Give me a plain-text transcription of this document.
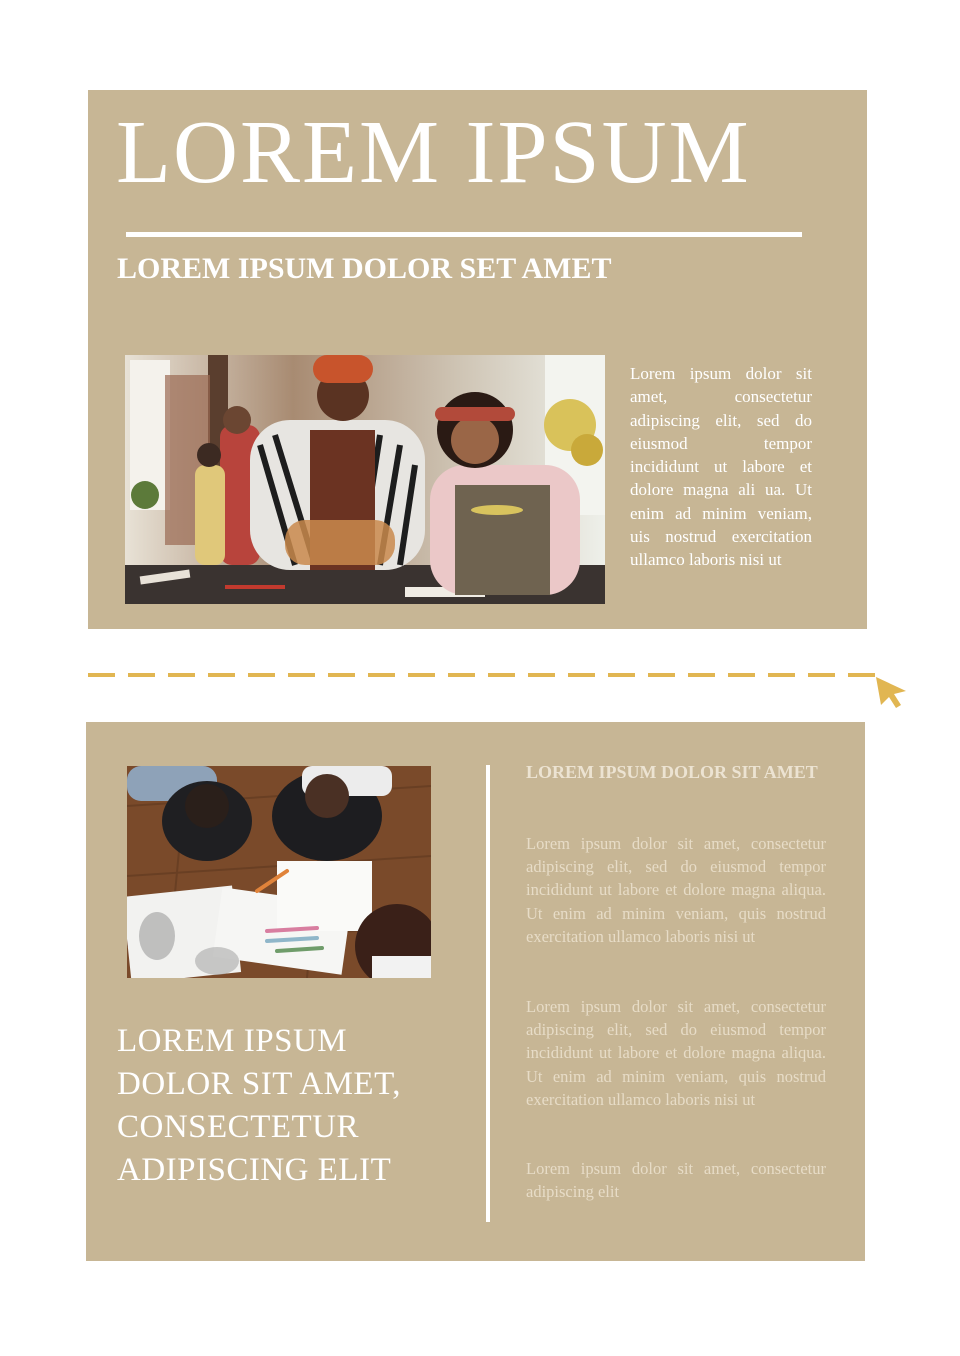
LOREM IPSUM
LOREM IPSUM DOLOR SET AMET

Lorem ipsum dolor sit amet, consectetur adipiscing elit, sed do eiusmod tempor incididunt ut labore et dolore magna ali ua. Ut enim ad minim veniam, uis nostrud exercitation ullamco laboris nisi ut

LOREM IPSUM DOLOR SIT AMET, CONSECTETUR ADIPISCING ELIT
LOREM IPSUM DOLOR SIT AMET

Lorem ipsum dolor sit amet, consectetur adipiscing elit, sed do eiusmod tempor incididunt ut labore et dolore magna aliqua. Ut enim ad minim veniam, quis nostrud exercitation ullamco laboris nisi ut

Lorem ipsum dolor sit amet, consectetur adipiscing elit, sed do eiusmod tempor incididunt ut labore et dolore magna aliqua. Ut enim ad minim veniam, quis nostrud exercitation ullamco laboris nisi ut

Lorem ipsum dolor sit amet, consectetur adipiscing elit
